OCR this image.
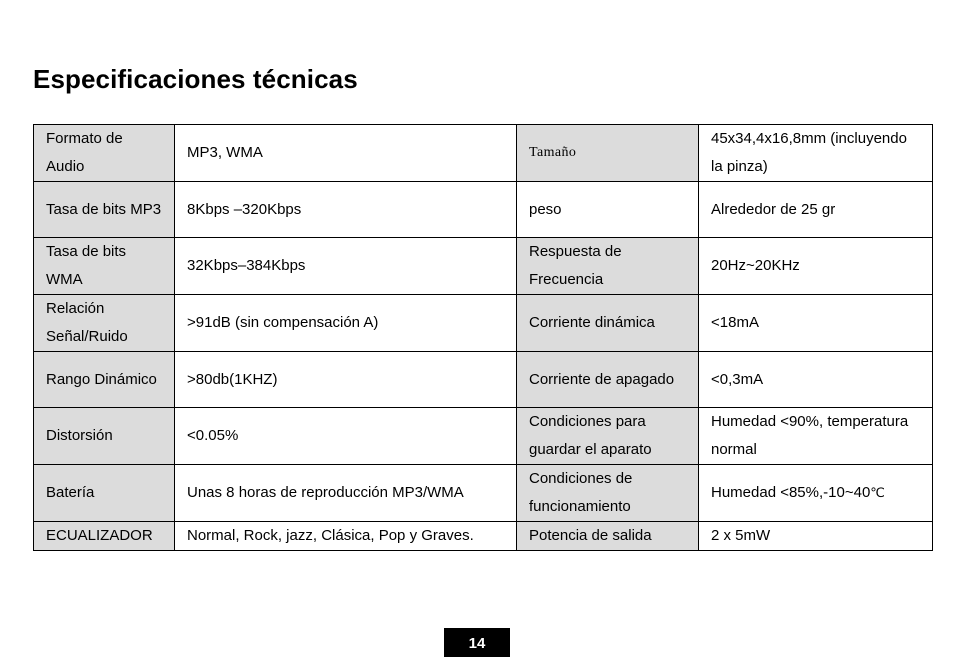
Especificaciones técnicas
Formato de Audio	MP3, WMA	Tamaño	45x34,4x16,8mm (incluyendo la pinza)
Tasa de bits MP3	8Kbps –320Kbps	peso	Alrededor de 25 gr
Tasa de bits WMA	32Kbps–384Kbps	Respuesta de Frecuencia	20Hz~20KHz
Relación Señal/Ruido	>91dB (sin compensación A)	Corriente dinámica	<18mA
Rango Dinámico	>80db(1KHZ)	Corriente de apagado	<0,3mA
Distorsión	<0.05%	Condiciones para guardar el aparato	Humedad <90%, temperatura normal
Batería	Unas 8 horas de reproducción MP3/WMA	Condiciones de funcionamiento	Humedad <85%,-10~40℃
ECUALIZADOR	Normal, Rock, jazz, Clásica, Pop y Graves.	Potencia de salida	2 x 5mW
14
